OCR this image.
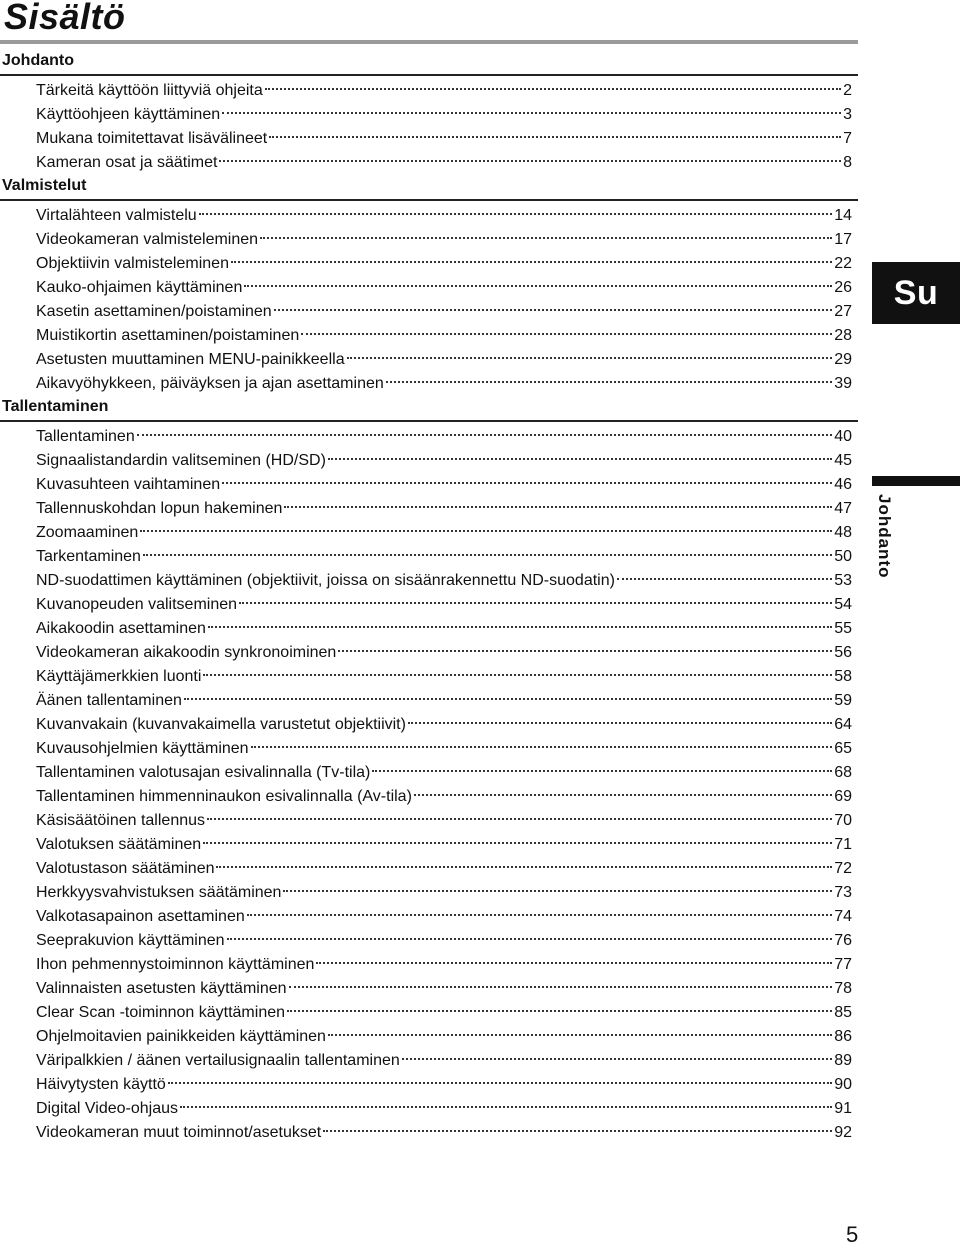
Sisältö
Johdanto
Tärkeitä käyttöön liittyviä ohjeita	2
Käyttöohjeen käyttäminen	3
Mukana toimitettavat lisävälineet	7
Kameran osat ja säätimet	8
Valmistelut
Virtalähteen valmistelu	14
Videokameran valmisteleminen	17
Objektiivin valmisteleminen	22
Kauko-ohjaimen käyttäminen	26
Kasetin asettaminen/poistaminen	27
Muistikortin asettaminen/poistaminen	28
Asetusten muuttaminen MENU-painikkeella	29
Aikavyöhykkeen, päiväyksen ja ajan asettaminen	39
Tallentaminen
Tallentaminen	40
Signaalistandardin valitseminen (HD/SD)	45
Kuvasuhteen vaihtaminen	46
Tallennuskohdan lopun hakeminen	47
Zoomaaminen	48
Tarkentaminen	50
ND-suodattimen käyttäminen (objektiivit, joissa on sisäänrakennettu ND-suodatin)	53
Kuvanopeuden valitseminen	54
Aikakoodin asettaminen	55
Videokameran aikakoodin synkronoiminen	56
Käyttäjämerkkien luonti	58
Äänen tallentaminen	59
Kuvanvakain (kuvanvakaimella varustetut objektiivit)	64
Kuvausohjelmien käyttäminen	65
Tallentaminen valotusajan esivalinnalla (Tv-tila)	68
Tallentaminen himmenninaukon esivalinnalla (Av-tila)	69
Käsisäätöinen tallennus	70
Valotuksen säätäminen	71
Valotustason säätäminen	72
Herkkyysvahvistuksen säätäminen	73
Valkotasapainon asettaminen	74
Seeprakuvion käyttäminen	76
Ihon pehmennystoiminnon käyttäminen	77
Valinnaisten asetusten käyttäminen	78
Clear Scan -toiminnon käyttäminen	85
Ohjelmoitavien painikkeiden käyttäminen	86
Väripalkkien / äänen vertailusignaalin tallentaminen	89
Häivytysten käyttö	90
Digital Video-ohjaus	91
Videokameran muut toiminnot/asetukset	92
Su
Johdanto
5
